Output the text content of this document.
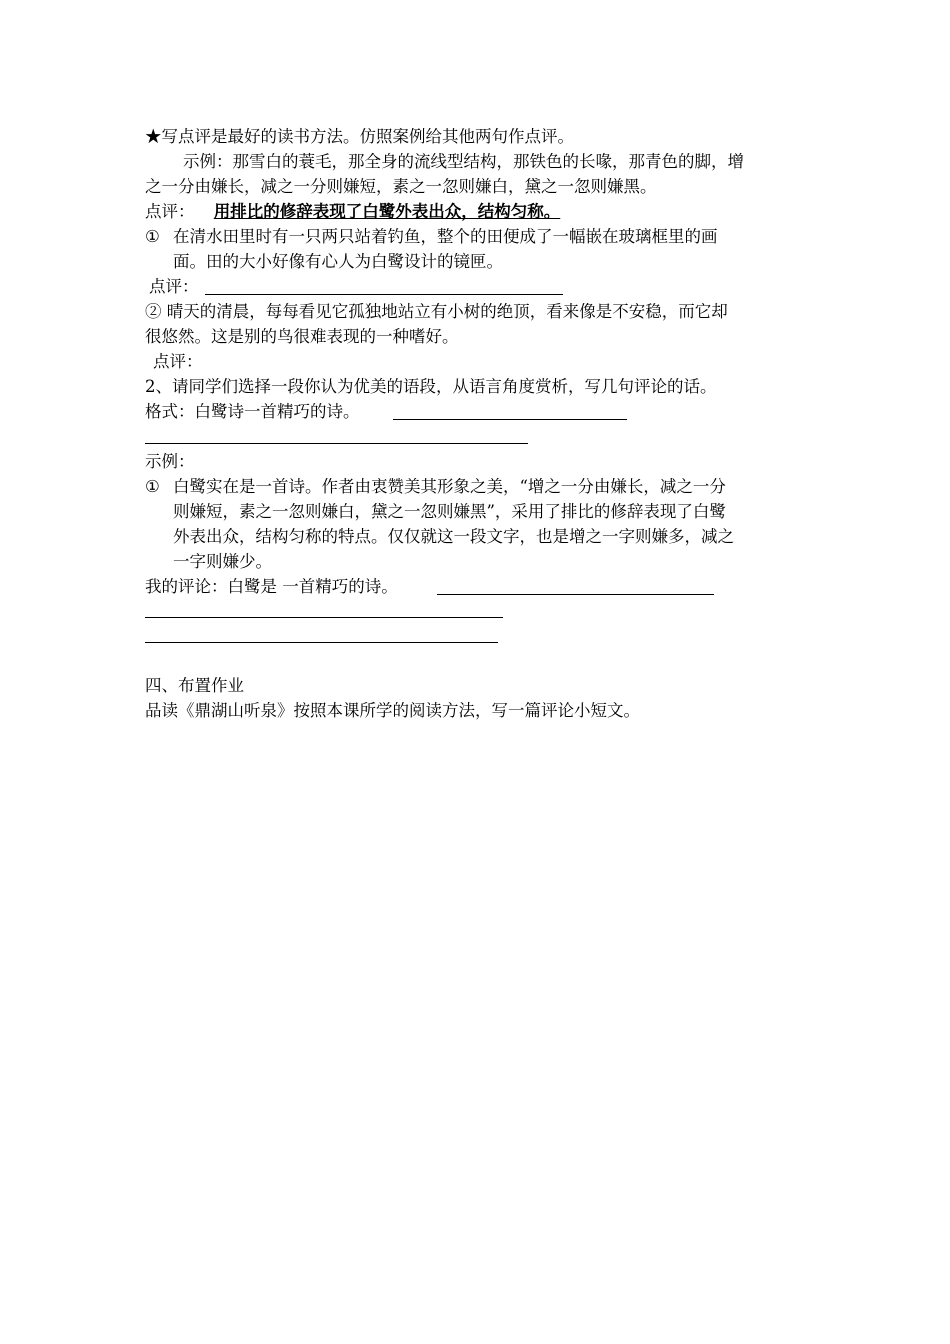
★写点评是最好的读书方法。仿照案例给其他两句作点评。
示例：那雪白的蓑毛，那全身的流线型结构，那铁色的长喙，那青色的脚，增
之一分由嫌长，减之一分则嫌短，素之一忽则嫌白，黛之一忽则嫌黑。
点评： 用排比的修辞表现了白鹭外表出众，结构匀称。
① 在清水田里时有一只两只站着钓鱼，整个的田便成了一幅嵌在玻璃框里的画
面。田的大小好像有心人为白鹭设计的镜匣。
点评：
② 晴天的清晨，每每看见它孤独地站立有小树的绝顶，看来像是不安稳，而它却
很悠然。这是别的鸟很难表现的一种嗜好。
点评：
2、请同学们选择一段你认为优美的语段，从语言角度赏析，写几句评论的话。
格式：白鹭诗一首精巧的诗。
示例：
① 白鹭实在是一首诗。作者由衷赞美其形象之美，“增之一分由嫌长，减之一分
则嫌短，素之一忽则嫌白，黛之一忽则嫌黑”，采用了排比的修辞表现了白鹭
外表出众，结构匀称的特点。仅仅就这一段文字，也是增之一字则嫌多，减之
一字则嫌少。
我的评论：白鹭是 一首精巧的诗。
四、布置作业
品读《鼎湖山听泉》按照本课所学的阅读方法，写一篇评论小短文。
